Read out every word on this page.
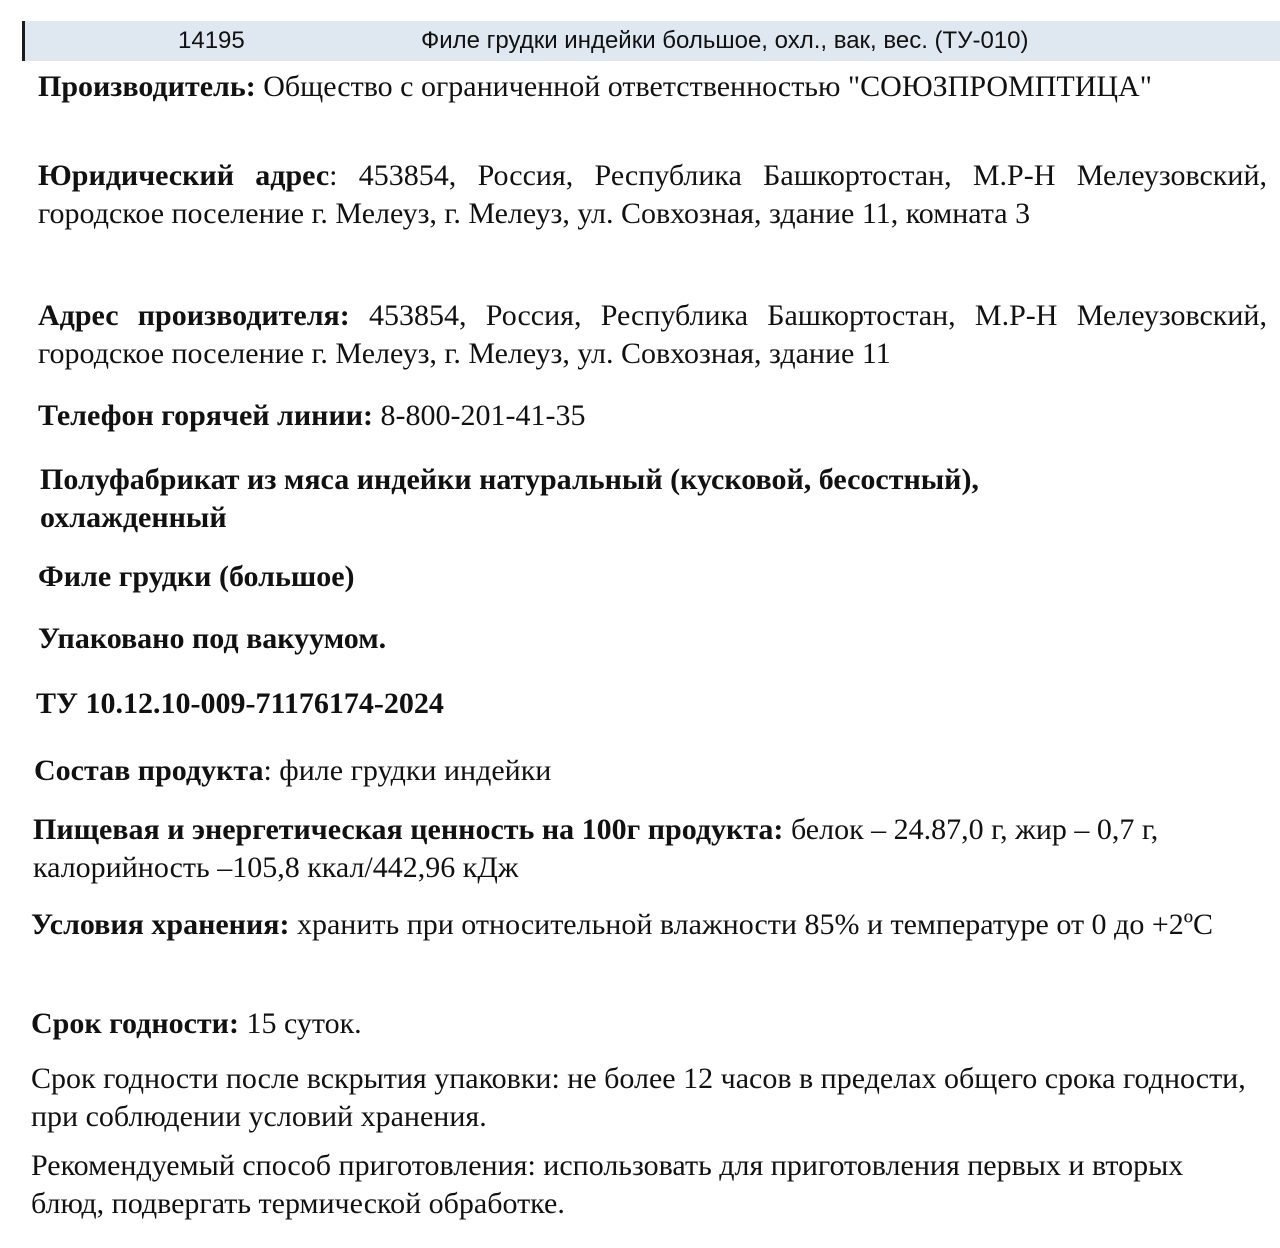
14195	Филе грудки индейки большое, охл., вак, вес. (ТУ-010)
Производитель: Общество с ограниченной ответственностью "СОЮЗПРОМПТИЦА"
Юридический адрес: 453854, Россия, Республика Башкортостан, М.Р-Н Мелеузовский, городское поселение г. Мелеуз, г. Мелеуз, ул. Совхозная, здание 11, комната 3
Адрес производителя: 453854, Россия, Республика Башкортостан, М.Р-Н Мелеузовский, городское поселение г. Мелеуз, г. Мелеуз, ул. Совхозная, здание 11
Телефон горячей линии: 8-800-201-41-35
Полуфабрикат из мяса индейки натуральный (кусковой, бесостный), охлажденный
Филе грудки (большое)
Упаковано под вакуумом.
ТУ 10.12.10-009-71176174-2024
Состав продукта: филе грудки индейки
Пищевая и энергетическая ценность на 100г продукта: белок – 24.87,0 г, жир – 0,7 г, калорийность –105,8 ккал/442,96 кДж
Условия хранения: хранить при относительной влажности 85% и температуре от 0 до +2ºС
Срок годности: 15 суток.
Срок годности после вскрытия упаковки: не более 12 часов в пределах общего срока годности, при соблюдении условий хранения.
Рекомендуемый способ приготовления: использовать для приготовления первых и вторых блюд, подвергать термической обработке.
